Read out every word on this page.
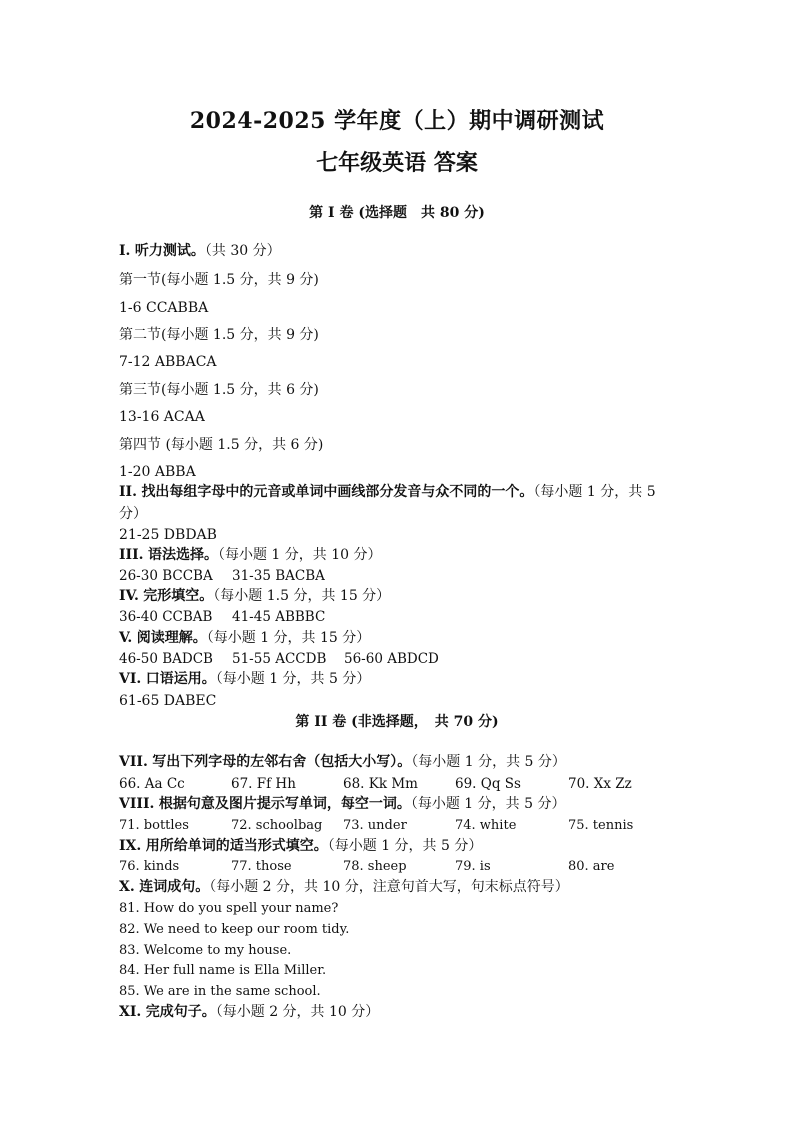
2024-2025 学年度（上）期中调研测试
七年级英语 答案
第 I 卷 (选择题　共 80 分)
I. 听力测试。（共 30 分）
第一节(每小题 1.5 分，共 9 分)
1-6 CCABBA
第二节(每小题 1.5 分，共 9 分)
7-12 ABBACA
第三节(每小题 1.5 分，共 6 分)
13-16 ACAA
第四节 (每小题 1.5 分，共 6 分)
1-20 ABBA
II. 找出每组字母中的元音或单词中画线部分发音与众不同的一个。（每小题 1 分，共 5 分）
21-25 DBDAB
III. 语法选择。（每小题 1 分，共 10 分）
26-30 BCCBA 31-35 BACBA
IV. 完形填空。（每小题 1.5 分，共 15 分）
36-40 CCBAB 41-45 ABBBC
V. 阅读理解。（每小题 1 分，共 15 分）
46-50 BADCB 51-55 ACCDB 56-60 ABDCD
VI. 口语运用。（每小题 1 分，共 5 分）
61-65 DABEC
第 II 卷 (非选择题，　共 70 分)
VII. 写出下列字母的左邻右舍（包括大小写）。（每小题 1 分，共 5 分）
66. Aa Cc	67. Ff Hh	68. Kk Mm	69. Qq Ss	70. Xx Zz
VIII. 根据句意及图片提示写单词，每空一词。（每小题 1 分，共 5 分）
71. bottles	72. schoolbag 73. under	74. white	75. tennis
IX. 用所给单词的适当形式填空。（每小题 1 分，共 5 分）
76. kinds	77. those	78. sheep	79. is	80. are
X. 连词成句。（每小题 2 分，共 10 分，注意句首大写，句末标点符号）
81. How do you spell your name?
82. We need to keep our room tidy.
83. Welcome to my house.
84. Her full name is Ella Miller.
85. We are in the same school.
XI. 完成句子。（每小题 2 分，共 10 分）
